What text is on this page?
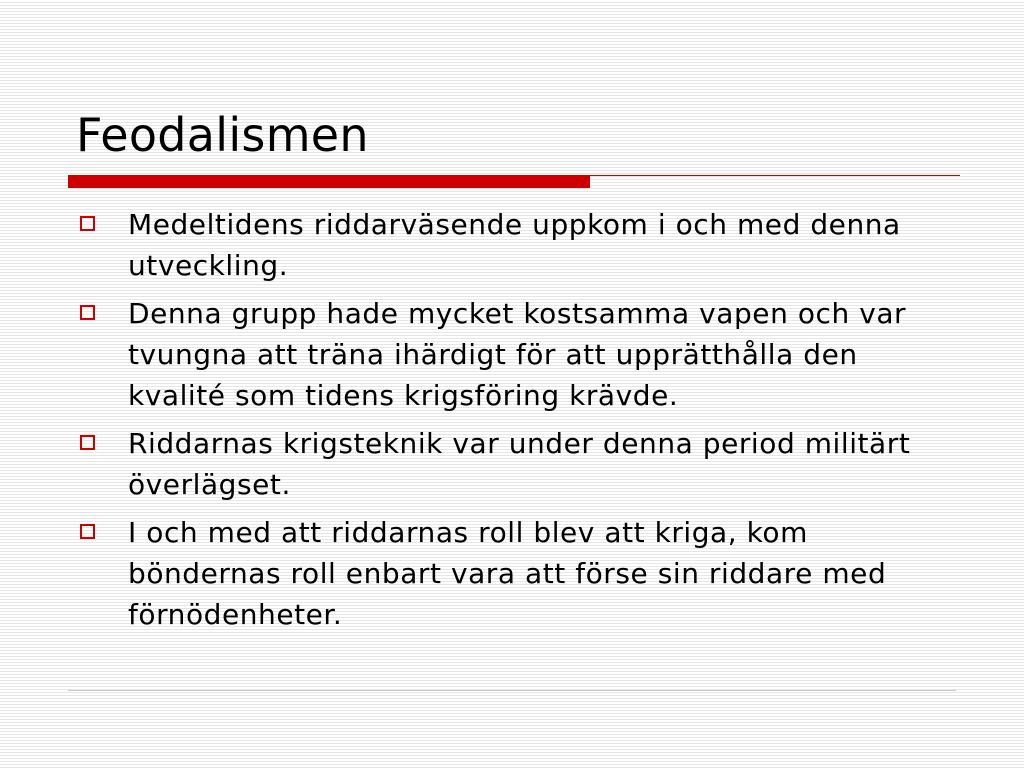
Feodalismen
Medeltidens riddarväsende uppkom i och med denna utveckling.
Denna grupp hade mycket kostsamma vapen och var tvungna att träna ihärdigt för att upprätthålla den kvalité som tidens krigsföring krävde.
Riddarnas krigsteknik var under denna period militärt överlägset.
I och med att riddarnas roll blev att kriga, kom böndernas roll enbart vara att förse sin riddare med förnödenheter.
